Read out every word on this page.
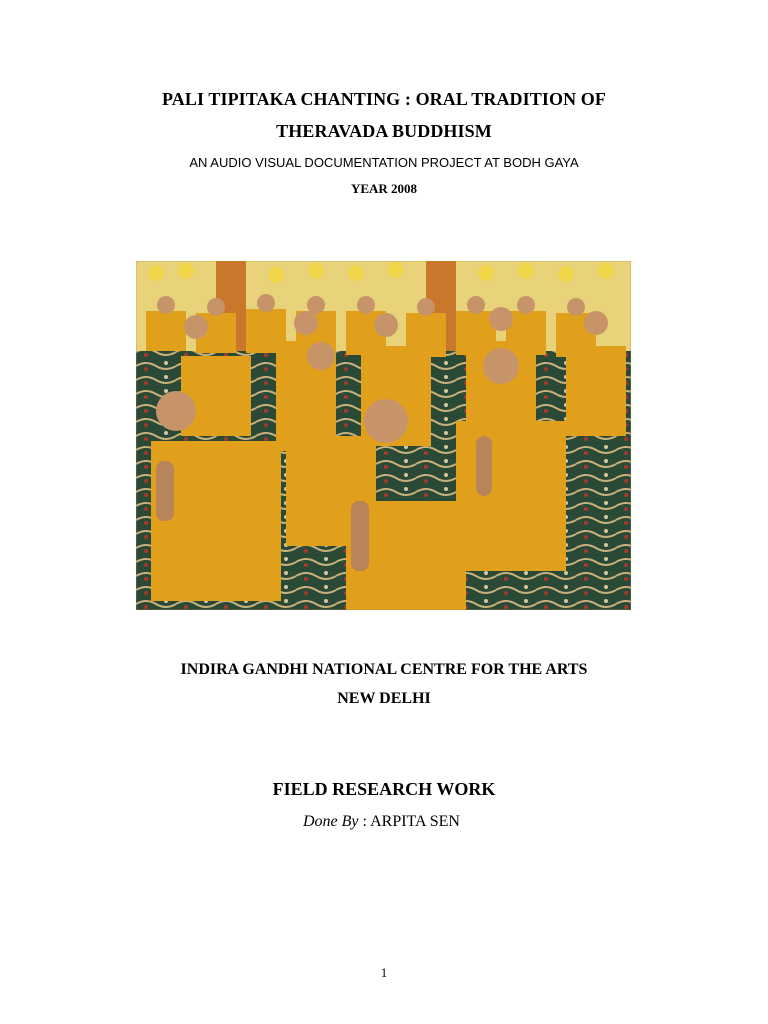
PALI TIPITAKA CHANTING : ORAL TRADITION OF
THERAVADA BUDDHISM
AN AUDIO VISUAL DOCUMENTATION PROJECT AT BODH GAYA
YEAR 2008
INDIRA GANDHI NATIONAL CENTRE FOR THE ARTS
NEW DELHI
FIELD RESEARCH WORK
Done By : ARPITA SEN
1
